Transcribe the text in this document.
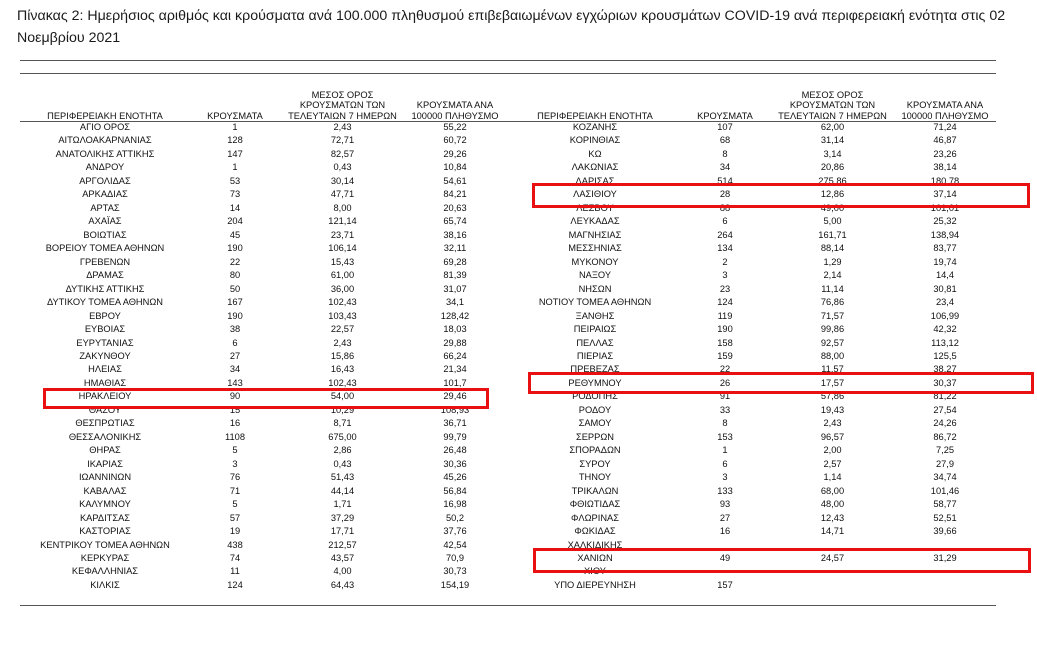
Πίνακας 2: Ημερήσιος αριθμός και κρούσματα ανά 100.000 πληθυσμού επιβεβαιωμένων εγχώριων κρουσμάτων COVID-19 ανά περιφερειακή ενότητα στις 02 Νοεμβρίου 2021
ΠΕΡΙΦΕΡΕΙΑΚΗ ΕΝΟΤΗΤΑ	ΚΡΟΥΣΜΑΤΑ	ΜΕΣΟΣ ΟΡΟΣ ΚΡΟΥΣΜΑΤΩΝ ΤΩΝ ΤΕΛΕΥΤΑΙΩΝ 7 ΗΜΕΡΩΝ	ΚΡΟΥΣΜΑΤΑ ΑΝΑ 100000 ΠΛΗΘΥΣΜΟ
ΑΓΙΟ ΟΡΟΣ	1	2,43	55,22
ΑΙΤΩΛΟΑΚΑΡΝΑΝΙΑΣ	128	72,71	60,72
ΑΝΑΤΟΛΙΚΗΣ ΑΤΤΙΚΗΣ	147	82,57	29,26
ΑΝΔΡΟΥ	1	0,43	10,84
ΑΡΓΟΛΙΔΑΣ	53	30,14	54,61
ΑΡΚΑΔΙΑΣ	73	47,71	84,21
ΑΡΤΑΣ	14	8,00	20,63
ΑΧΑΪΑΣ	204	121,14	65,74
ΒΟΙΩΤΙΑΣ	45	23,71	38,16
ΒΟΡΕΙΟΥ ΤΟΜΕΑ ΑΘΗΝΩΝ	190	106,14	32,11
ΓΡΕΒΕΝΩΝ	22	15,43	69,28
ΔΡΑΜΑΣ	80	61,00	81,39
ΔΥΤΙΚΗΣ ΑΤΤΙΚΗΣ	50	36,00	31,07
ΔΥΤΙΚΟΥ ΤΟΜΕΑ ΑΘΗΝΩΝ	167	102,43	34,1
ΕΒΡΟΥ	190	103,43	128,42
ΕΥΒΟΙΑΣ	38	22,57	18,03
ΕΥΡΥΤΑΝΙΑΣ	6	2,43	29,88
ΖΑΚΥΝΘΟΥ	27	15,86	66,24
ΗΛΕΙΑΣ	34	16,43	21,34
ΗΜΑΘΙΑΣ	143	102,43	101,7
ΗΡΑΚΛΕΙΟΥ	90	54,00	29,46
ΘΑΣΟΥ	15	10,29	108,93
ΘΕΣΠΡΩΤΙΑΣ	16	8,71	36,71
ΘΕΣΣΑΛΟΝΙΚΗΣ	1108	675,00	99,79
ΘΗΡΑΣ	5	2,86	26,48
ΙΚΑΡΙΑΣ	3	0,43	30,36
ΙΩΑΝΝΙΝΩΝ	76	51,43	45,26
ΚΑΒΑΛΑΣ	71	44,14	56,84
ΚΑΛΥΜΝΟΥ	5	1,71	16,98
ΚΑΡΔΙΤΣΑΣ	57	37,29	50,2
ΚΑΣΤΟΡΙΑΣ	19	17,71	37,76
ΚΕΝΤΡΙΚΟΥ ΤΟΜΕΑ ΑΘΗΝΩΝ	438	212,57	42,54
ΚΕΡΚΥΡΑΣ	74	43,57	70,9
ΚΕΦΑΛΛΗΝΙΑΣ	11	4,00	30,73
ΚΙΛΚΙΣ	124	64,43	154,19
ΠΕΡΙΦΕΡΕΙΑΚΗ ΕΝΟΤΗΤΑ	ΚΡΟΥΣΜΑΤΑ	ΜΕΣΟΣ ΟΡΟΣ ΚΡΟΥΣΜΑΤΩΝ ΤΩΝ ΤΕΛΕΥΤΑΙΩΝ 7 ΗΜΕΡΩΝ	ΚΡΟΥΣΜΑΤΑ ΑΝΑ 100000 ΠΛΗΘΥΣΜΟ
ΚΟΖΑΝΗΣ	107	62,00	71,24
ΚΟΡΙΝΘΙΑΣ	68	31,14	46,87
ΚΩ	8	3,14	23,26
ΛΑΚΩΝΙΑΣ	34	20,86	38,14
ΛΑΡΙΣΑΣ	514	275,86	180,78
ΛΑΣΙΘΙΟΥ	28	12,86	37,14
ΛΕΣΒΟΥ	88	49,00	101,01
ΛΕΥΚΑΔΑΣ	6	5,00	25,32
ΜΑΓΝΗΣΙΑΣ	264	161,71	138,94
ΜΕΣΣΗΝΙΑΣ	134	88,14	83,77
ΜΥΚΟΝΟΥ	2	1,29	19,74
ΝΑΞΟΥ	3	2,14	14,4
ΝΗΣΩΝ	23	11,14	30,81
ΝΟΤΙΟΥ ΤΟΜΕΑ ΑΘΗΝΩΝ	124	76,86	23,4
ΞΑΝΘΗΣ	119	71,57	106,99
ΠΕΙΡΑΙΩΣ	190	99,86	42,32
ΠΕΛΛΑΣ	158	92,57	113,12
ΠΙΕΡΙΑΣ	159	88,00	125,5
ΠΡΕΒΕΖΑΣ	22	11,57	38,27
ΡΕΘΥΜΝΟΥ	26	17,57	30,37
ΡΟΔΟΠΗΣ	91	57,86	81,22
ΡΟΔΟΥ	33	19,43	27,54
ΣΑΜΟΥ	8	2,43	24,26
ΣΕΡΡΩΝ	153	96,57	86,72
ΣΠΟΡΑΔΩΝ	1	2,00	7,25
ΣΥΡΟΥ	6	2,57	27,9
ΤΗΝΟΥ	3	1,14	34,74
ΤΡΙΚΑΛΩΝ	133	68,00	101,46
ΦΘΙΩΤΙΔΑΣ	93	48,00	58,77
ΦΛΩΡΙΝΑΣ	27	12,43	52,51
ΦΩΚΙΔΑΣ	16	14,71	39,66
ΧΑΛΚΙΔΙΚΗΣ			
ΧΑΝΙΩΝ	49	24,57	31,29
ΧΙΟΥ			
ΥΠΟ ΔΙΕΡΕΥΝΗΣΗ	157		
